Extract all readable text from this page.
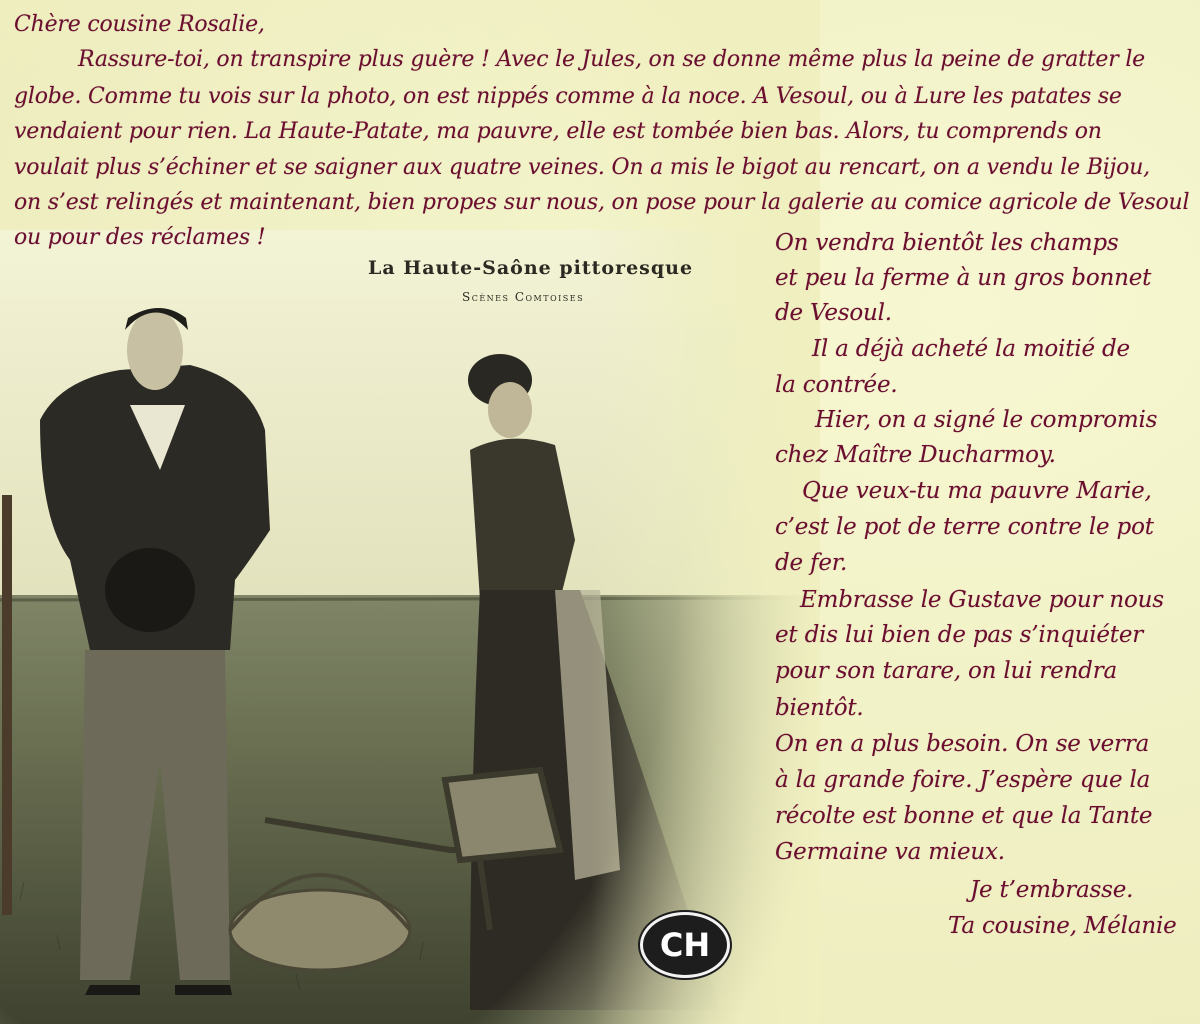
La Haute-Saône pittoresque
Scènes Comtoises
Chère cousine Rosalie,
Rassure-toi, on transpire plus guère ! Avec le Jules, on se donne même plus la peine de gratter le
globe. Comme tu vois sur la photo, on est nippés comme à la noce. A Vesoul, ou à Lure les patates se
vendaient pour rien. La Haute-Patate, ma pauvre, elle est tombée bien bas. Alors, tu comprends on
voulait plus s’échiner et se saigner aux quatre veines. On a mis le bigot au rencart, on a vendu le Bijou,
on s’est relingés et maintenant, bien propes sur nous, on pose pour la galerie au comice agricole de Vesoul
ou pour des réclames !	On vendra bientôt les champs
et peu la ferme à un gros bonnet
de Vesoul.
Il a déjà acheté la moitié de
la contrée.
Hier, on a signé le compromis
chez Maître Ducharmoy.
Que veux-tu ma pauvre Marie,
c’est le pot de terre contre le pot
de fer.
Embrasse le Gustave pour nous
et dis lui bien de pas s’inquiéter
pour son tarare, on lui rendra
bientôt.
On en a plus besoin. On se verra
à la grande foire. J’espère que la
récolte est bonne et que la Tante
Germaine va mieux.
Je t’embrasse.
Ta cousine, Mélanie
CH
